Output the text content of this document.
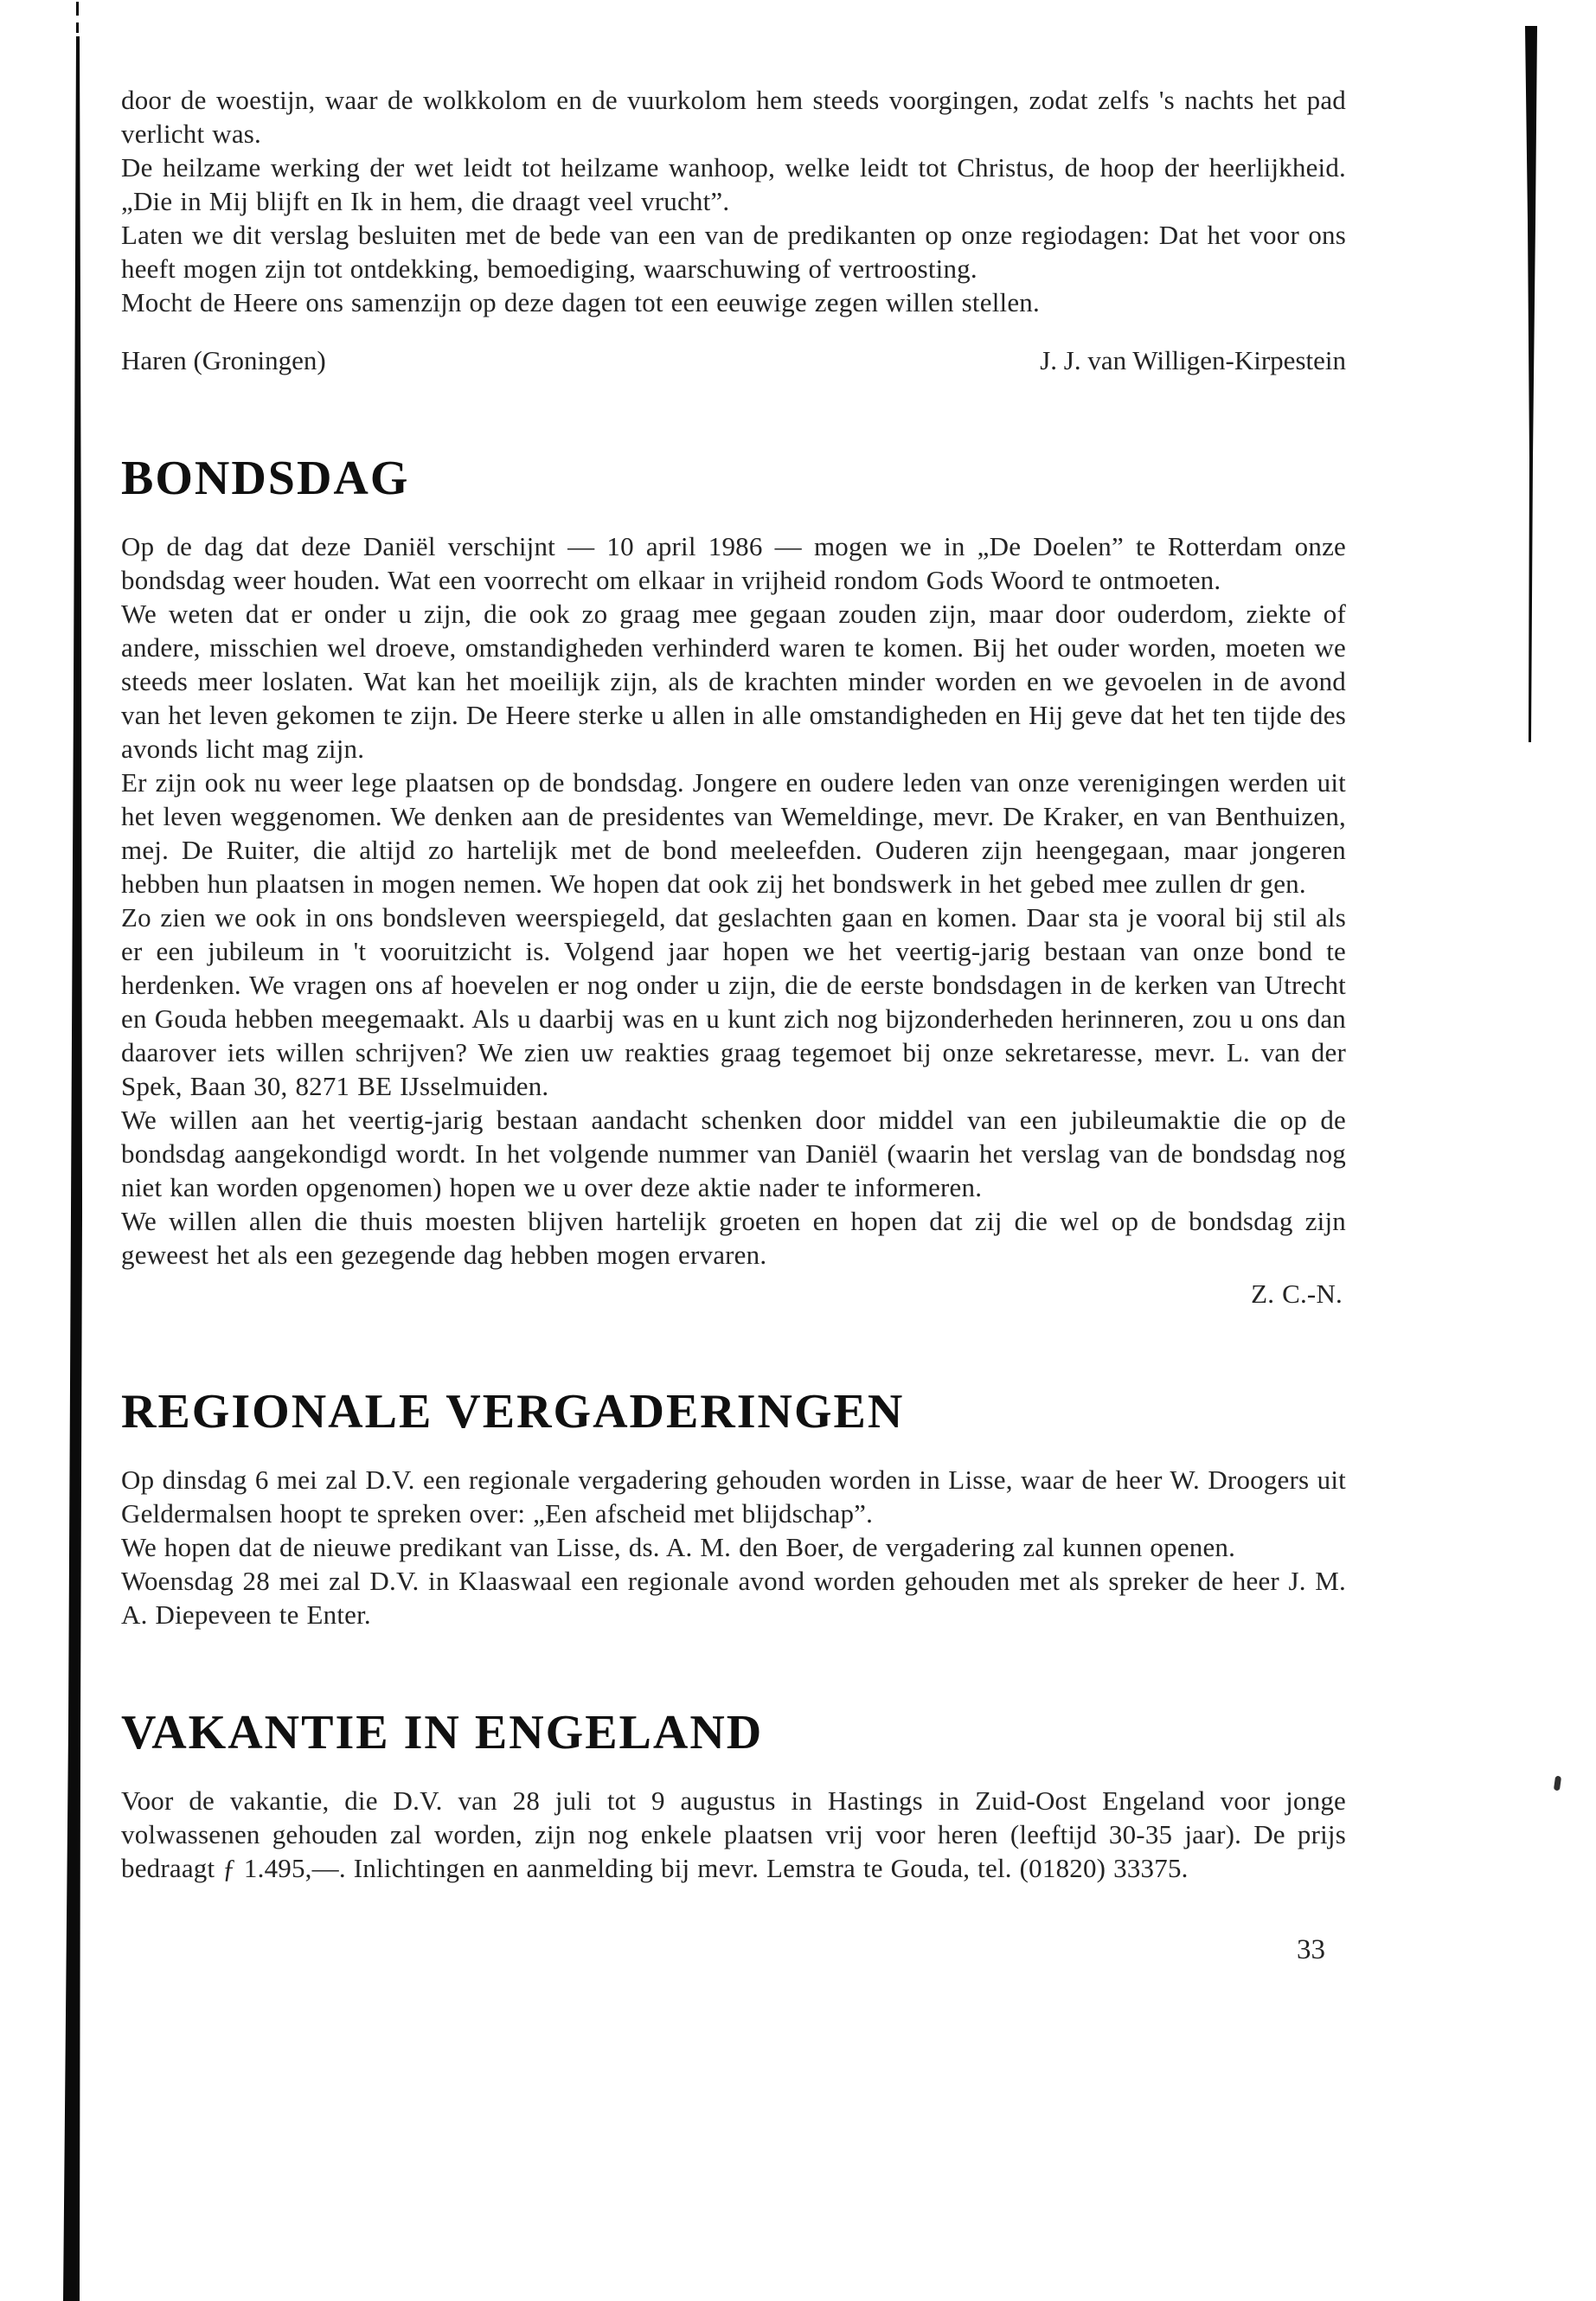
door de woestijn, waar de wolkkolom en de vuurkolom hem steeds voorgingen, zodat zelfs 's nachts het pad verlicht was.

De heilzame werking der wet leidt tot heilzame wanhoop, welke leidt tot Christus, de hoop der heerlijkheid. „Die in Mij blijft en Ik in hem, die draagt veel vrucht”.

Laten we dit verslag besluiten met de bede van een van de predikanten op onze regiodagen: Dat het voor ons heeft mogen zijn tot ontdekking, bemoediging, waarschuwing of vertroosting.

Mocht de Heere ons samenzijn op deze dagen tot een eeuwige zegen willen stellen.

Haren (Groningen)	J. J. van Willigen-Kirpestein
BONDSDAG

Op de dag dat deze Daniël verschijnt — 10 april 1986 — mogen we in „De Doelen” te Rotterdam onze bondsdag weer houden. Wat een voorrecht om elkaar in vrijheid rondom Gods Woord te ontmoeten.

We weten dat er onder u zijn, die ook zo graag mee gegaan zouden zijn, maar door ouderdom, ziekte of andere, misschien wel droeve, omstandigheden verhinderd waren te komen. Bij het ouder worden, moeten we steeds meer loslaten. Wat kan het moeilijk zijn, als de krachten minder worden en we gevoelen in de avond van het leven gekomen te zijn. De Heere sterke u allen in alle omstandigheden en Hij geve dat het ten tijde des avonds licht mag zijn.

Er zijn ook nu weer lege plaatsen op de bondsdag. Jongere en oudere leden van onze verenigingen werden uit het leven weggenomen. We denken aan de presidentes van Wemeldinge, mevr. De Kraker, en van Benthuizen, mej. De Ruiter, die altijd zo hartelijk met de bond meeleefden. Ouderen zijn heengegaan, maar jongeren hebben hun plaatsen in mogen nemen. We hopen dat ook zij het bondswerk in het gebed mee zullen dr gen.

Zo zien we ook in ons bondsleven weerspiegeld, dat geslachten gaan en komen. Daar sta je vooral bij stil als er een jubileum in 't vooruitzicht is. Volgend jaar hopen we het veertig-jarig bestaan van onze bond te herdenken. We vragen ons af hoevelen er nog onder u zijn, die de eerste bondsdagen in de kerken van Utrecht en Gouda hebben meegemaakt. Als u daarbij was en u kunt zich nog bijzonderheden herinneren, zou u ons dan daarover iets willen schrijven? We zien uw reakties graag tegemoet bij onze sekretaresse, mevr. L. van der Spek, Baan 30, 8271 BE IJsselmuiden.

We willen aan het veertig-jarig bestaan aandacht schenken door middel van een jubileumaktie die op de bondsdag aangekondigd wordt. In het volgende nummer van Daniël (waarin het verslag van de bondsdag nog niet kan worden opgenomen) hopen we u over deze aktie nader te informeren.

We willen allen die thuis moesten blijven hartelijk groeten en hopen dat zij die wel op de bondsdag zijn geweest het als een gezegende dag hebben mogen ervaren.

Z. C.-N.
REGIONALE VERGADERINGEN

Op dinsdag 6 mei zal D.V. een regionale vergadering gehouden worden in Lisse, waar de heer W. Droogers uit Geldermalsen hoopt te spreken over: „Een afscheid met blijdschap”.

We hopen dat de nieuwe predikant van Lisse, ds. A. M. den Boer, de vergadering zal kunnen openen.

Woensdag 28 mei zal D.V. in Klaaswaal een regionale avond worden gehouden met als spreker de heer J. M. A. Diepeveen te Enter.

VAKANTIE IN ENGELAND

Voor de vakantie, die D.V. van 28 juli tot 9 augustus in Hastings in Zuid-Oost Engeland voor jonge volwassenen gehouden zal worden, zijn nog enkele plaatsen vrij voor heren (leeftijd 30-35 jaar). De prijs bedraagt ƒ 1.495,—. Inlichtingen en aanmelding bij mevr. Lemstra te Gouda, tel. (01820) 33375.

33
